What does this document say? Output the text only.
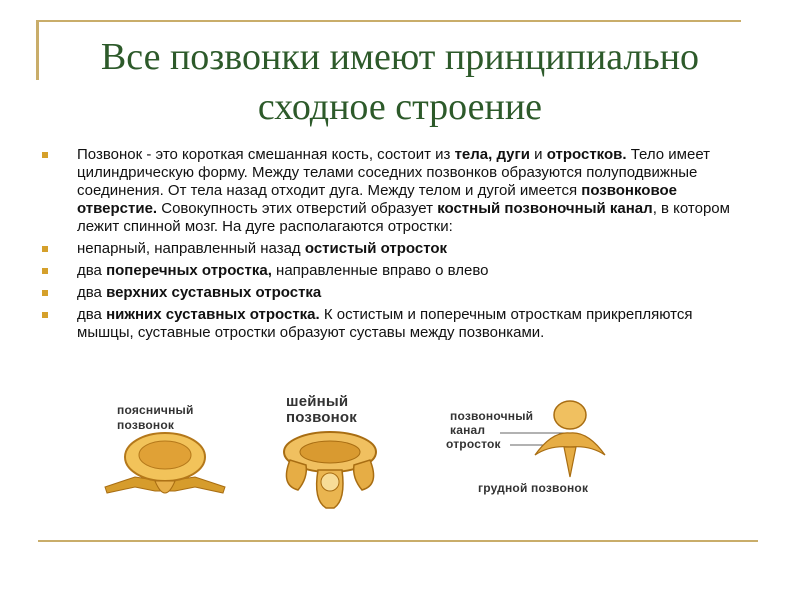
Все позвонки имеют принципиально сходное строение
Позвонок - это короткая смешанная кость, состоит из тела, дуги и отростков. Тело имеет цилиндрическую форму. Между телами соседних позвонков образуются полуподвижные соединения. От тела назад отходит дуга. Между телом и дугой имеется позвонковое отверстие. Совокупность этих отверстий образует костный позвоночный канал, в котором лежит спинной мозг. На дуге располагаются отростки:
непарный, направленный назад остистый отросток
два поперечных отростка, направленные вправо о влево
два верхних суставных отростка
два нижних суставных отростка. К остистым и поперечным отросткам прикрепляются мышцы, суставные отростки образуют суставы между позвонками.
поясничный позвонок
шейный позвонок	позвоночный канал
отросток
грудной позвонок
